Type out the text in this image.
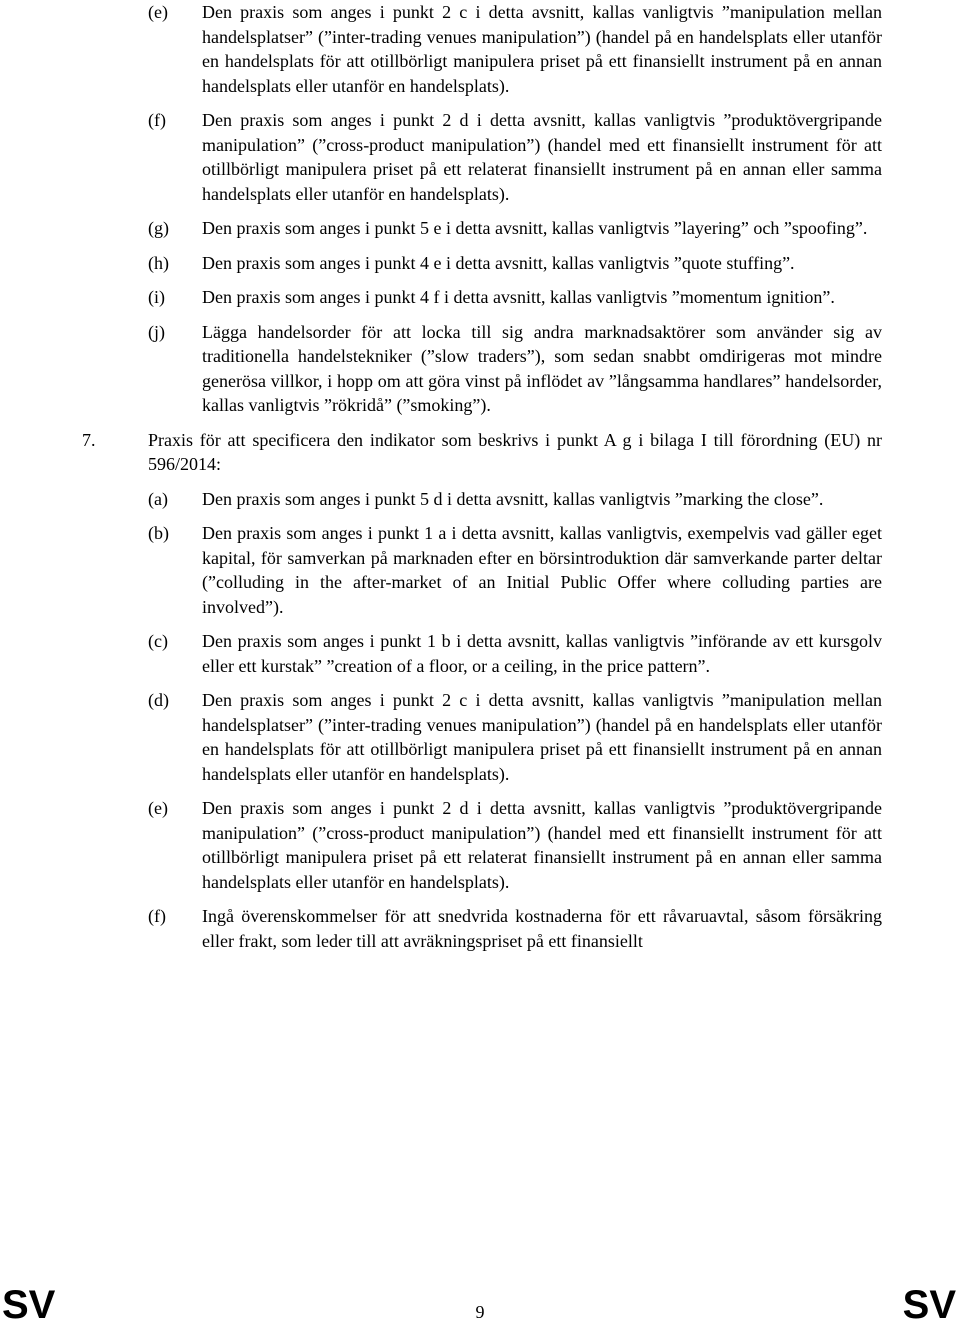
(e)	Den praxis som anges i punkt 2 c i detta avsnitt, kallas vanligtvis ”manipulation mellan handelsplatser” (”inter-trading venues manipulation”) (handel på en handelsplats eller utanför en handelsplats för att otillbörligt manipulera priset på ett finansiellt instrument på en annan handelsplats eller utanför en handelsplats).
(f)	Den praxis som anges i punkt 2 d i detta avsnitt, kallas vanligtvis ”produktövergripande manipulation” (”cross-product manipulation”) (handel med ett finansiellt instrument för att otillbörligt manipulera priset på ett relaterat finansiellt instrument på en annan eller samma handelsplats eller utanför en handelsplats).
(g)	Den praxis som anges i punkt 5 e i detta avsnitt, kallas vanligtvis ”layering” och ”spoofing”.
(h)	Den praxis som anges i punkt 4 e i detta avsnitt, kallas vanligtvis ”quote stuffing”.
(i)	Den praxis som anges i punkt 4 f i detta avsnitt, kallas vanligtvis ”momentum ignition”.
(j)	Lägga handelsorder för att locka till sig andra marknadsaktörer som använder sig av traditionella handelstekniker (”slow traders”), som sedan snabbt omdirigeras mot mindre generösa villkor, i hopp om att göra vinst på inflödet av ”långsamma handlares” handelsorder, kallas vanligtvis ”rökridå” (”smoking”).
7.	Praxis för att specificera den indikator som beskrivs i punkt A g i bilaga I till förordning (EU) nr 596/2014:
(a)	Den praxis som anges i punkt 5 d i detta avsnitt, kallas vanligtvis ”marking the close”.
(b)	Den praxis som anges i punkt 1 a i detta avsnitt, kallas vanligtvis, exempelvis vad gäller eget kapital, för samverkan på marknaden efter en börsintroduktion där samverkande parter deltar (”colluding in the after-market of an Initial Public Offer where colluding parties are involved”).
(c)	Den praxis som anges i punkt 1 b i detta avsnitt, kallas vanligtvis ”införande av ett kursgolv eller ett kurstak” ”creation of a floor, or a ceiling, in the price pattern”.
(d)	Den praxis som anges i punkt 2 c i detta avsnitt, kallas vanligtvis ”manipulation mellan handelsplatser” (”inter-trading venues manipulation”) (handel på en handelsplats eller utanför en handelsplats för att otillbörligt manipulera priset på ett finansiellt instrument på en annan handelsplats eller utanför en handelsplats).
(e)	Den praxis som anges i punkt 2 d i detta avsnitt, kallas vanligtvis ”produktövergripande manipulation” (”cross-product manipulation”) (handel med ett finansiellt instrument för att otillbörligt manipulera priset på ett relaterat finansiellt instrument på en annan eller samma handelsplats eller utanför en handelsplats).
(f)	Ingå överenskommelser för att snedvrida kostnaderna för ett råvaruavtal, såsom försäkring eller frakt, som leder till att avräkningspriset på ett finansiellt
SV	9	SV
